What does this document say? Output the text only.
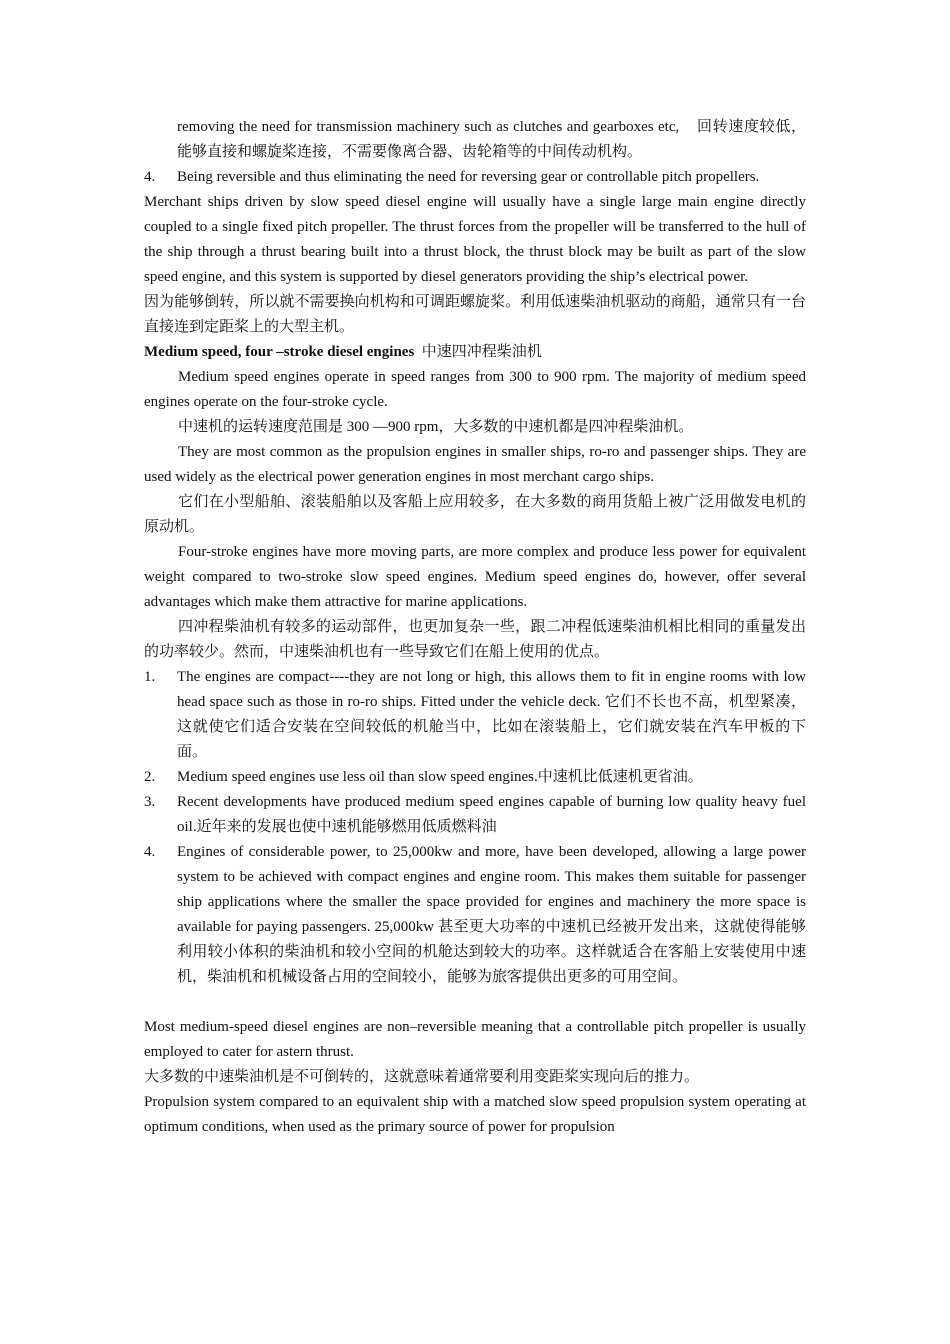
removing the need for transmission machinery such as clutches and gearboxes etc,    回转速度较低，能够直接和螺旋桨连接，不需要像离合器、齿轮箱等的中间传动机构。

4. Being reversible and thus eliminating the need for reversing gear or controllable pitch propellers.

Merchant ships driven by slow speed diesel engine will usually have a single large main engine directly coupled to a single fixed pitch propeller. The thrust forces from the propeller will be transferred to the hull of the ship through a thrust bearing built into a thrust block, the thrust block may be built as part of the slow speed engine, and this system is supported by diesel generators providing the ship’s electrical power.

因为能够倒转，所以就不需要换向机构和可调距螺旋桨。利用低速柴油机驱动的商船，通常只有一台直接连到定距桨上的大型主机。

Medium speed, four –stroke diesel engines 中速四冲程柴油机

Medium speed engines operate in speed ranges from 300 to 900 rpm. The majority of medium speed engines operate on the four-stroke cycle.

中速机的运转速度范围是 300 —900 rpm，大多数的中速机都是四冲程柴油机。

They are most common as the propulsion engines in smaller ships, ro-ro and passenger ships. They are used widely as the electrical power generation engines in most merchant cargo ships.

它们在小型船舶、滚装船舶以及客船上应用较多，在大多数的商用货船上被广泛用做发电机的原动机。

Four-stroke engines have more moving parts, are more complex and produce less power for equivalent weight compared to two-stroke slow speed engines. Medium speed engines do, however, offer several advantages which make them attractive for marine applications.

四冲程柴油机有较多的运动部件，也更加复杂一些，跟二冲程低速柴油机相比相同的重量发出的功率较少。然而，中速柴油机也有一些导致它们在船上使用的优点。

1. The engines are compact----they are not long or high, this allows them to fit in engine rooms with low head space such as those in ro-ro ships. Fitted under the vehicle deck. 它们不长也不高，机型紧凑，这就使它们适合安装在空间较低的机舱当中，比如在滚装船上，它们就安装在汽车甲板的下面。
2. Medium speed engines use less oil than slow speed engines.中速机比低速机更省油。
3. Recent developments have produced medium speed engines capable of burning low quality heavy fuel oil.近年来的发展也使中速机能够燃用低质燃料油
4. Engines of considerable power, to 25,000kw and more, have been developed, allowing a large power system to be achieved with compact engines and engine room. This makes them suitable for passenger ship applications where the smaller the space provided for engines and machinery the more space is available for paying passengers. 25,000kw 甚至更大功率的中速机已经被开发出来，这就使得能够利用较小体积的柴油机和较小空间的机舱达到较大的功率。这样就适合在客船上安装使用中速机，柴油机和机械设备占用的空间较小，能够为旅客提供出更多的可用空间。

Most medium-speed diesel engines are non–reversible meaning that a controllable pitch propeller is usually employed to cater for astern thrust.

大多数的中速柴油机是不可倒转的，这就意味着通常要利用变距桨实现向后的推力。

Propulsion system compared to an equivalent ship with a matched slow speed propulsion system operating at optimum conditions, when used as the primary source of power for propulsion
